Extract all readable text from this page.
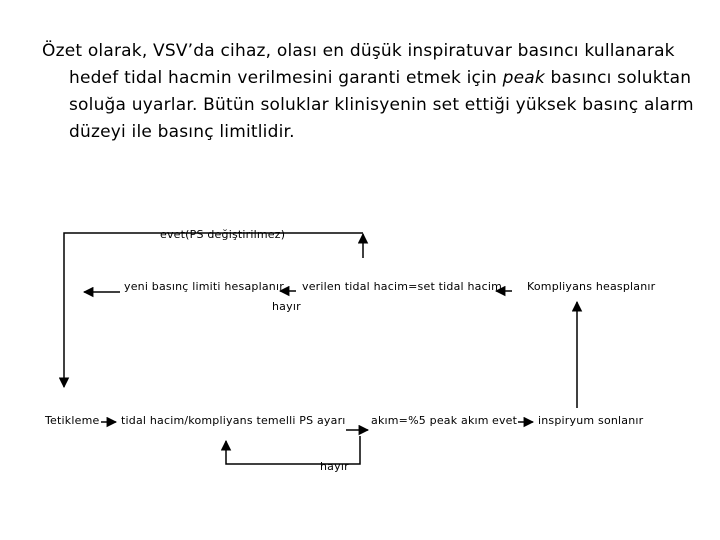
Özet olarak, VSV’da cihaz, olası en düşük inspiratuvar basıncı kullanarak
hedef tidal hacmin verilmesini garanti etmek için peak basıncı soluktan
soluğa uyarlar. Bütün soluklar klinisyenin set ettiği yüksek basınç alarm
düzeyi ile basınç limitlidir.
evet(PS değiştirilmez)
yeni basınç limiti hesaplanır verilen tidal hacim=set tidal hacim Kompliyans heasplanır
hayır
Tetikleme tidal hacim/kompliyans temelli PS ayarı akım=%5 peak akım evet inspiryum sonlanır
hayır
